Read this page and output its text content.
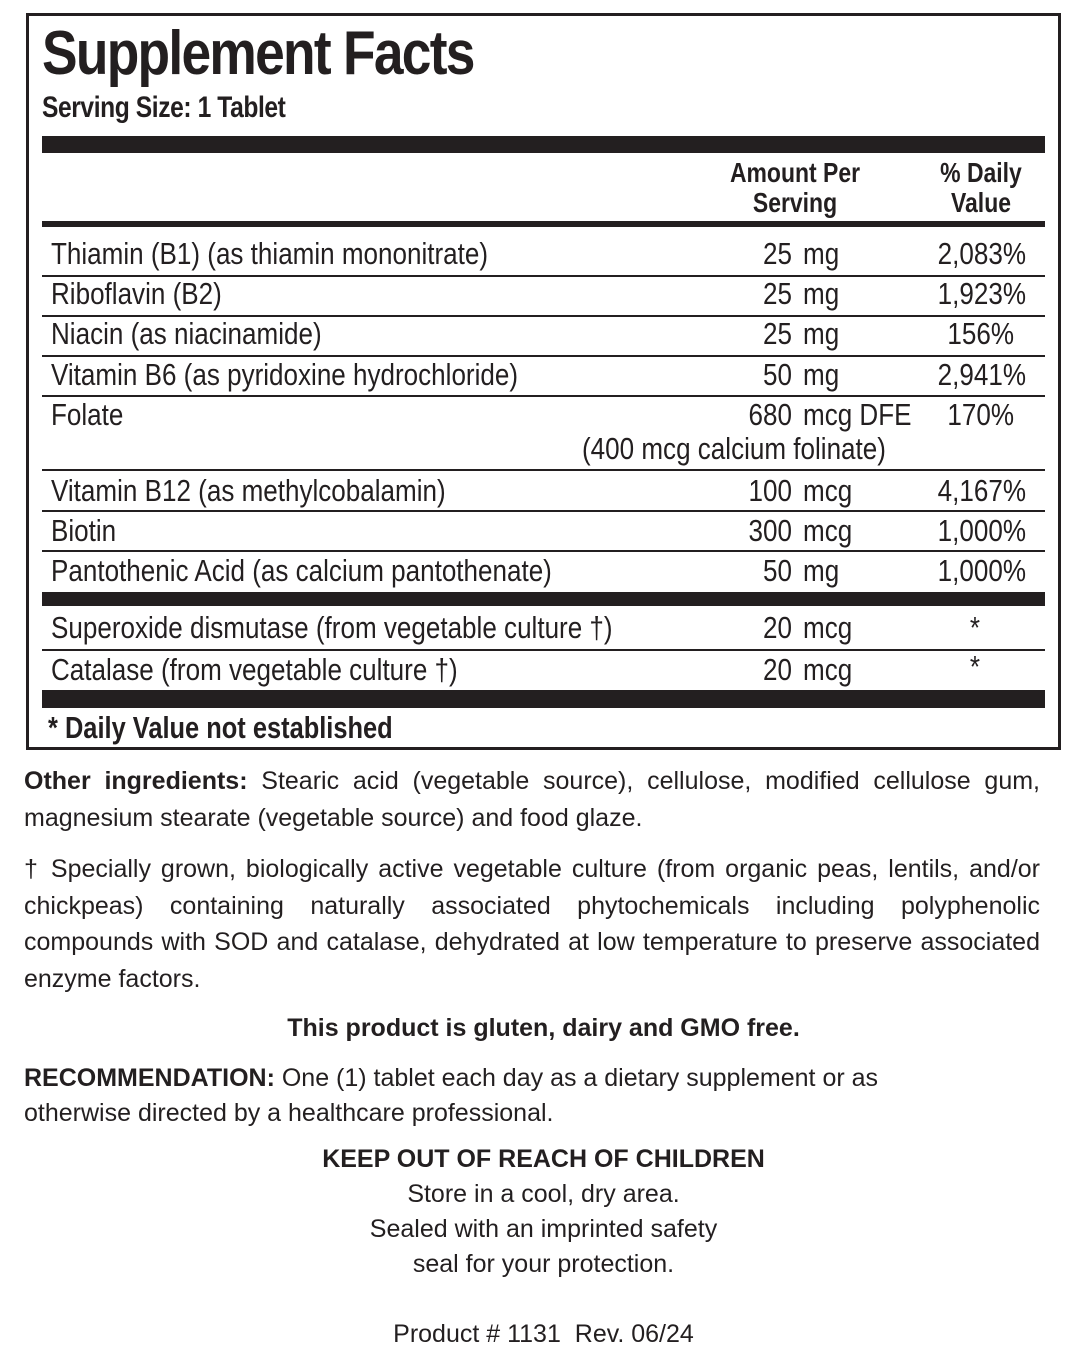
Supplement Facts
Serving Size: 1 Tablet
Amount Per
Serving
% Daily
Value
Thiamin (B1) (as thiamin mononitrate)	25 mg	2,083%
Riboflavin (B2)	25 mg	1,923%
Niacin (as niacinamide)	25 mg	156%
Vitamin B6 (as pyridoxine hydrochloride)	50 mg	2,941%
Folate	680 mcg DFE	170%
(400 mcg calcium folinate)
Vitamin B12 (as methylcobalamin)	100 mcg	4,167%
Biotin	300 mcg	1,000%
Pantothenic Acid (as calcium pantothenate)	50 mg	1,000%
Superoxide dismutase (from vegetable culture †)	20 mcg	*
Catalase (from vegetable culture †)	20 mcg	*
* Daily Value not established
Other ingredients: Stearic acid (vegetable source), cellulose, modified cellulose gum, magnesium stearate (vegetable source) and food glaze.
† Specially grown, biologically active vegetable culture (from organic peas, lentils, and/or chickpeas) containing naturally associated phytochemicals including polyphenolic compounds with SOD and catalase, dehydrated at low temperature to preserve associated enzyme factors.
This product is gluten, dairy and GMO free.
RECOMMENDATION: One (1) tablet each day as a dietary supplement or as otherwise directed by a healthcare professional.
KEEP OUT OF REACH OF CHILDREN
Store in a cool, dry area.
Sealed with an imprinted safety
seal for your protection.
Product # 1131  Rev. 06/24
